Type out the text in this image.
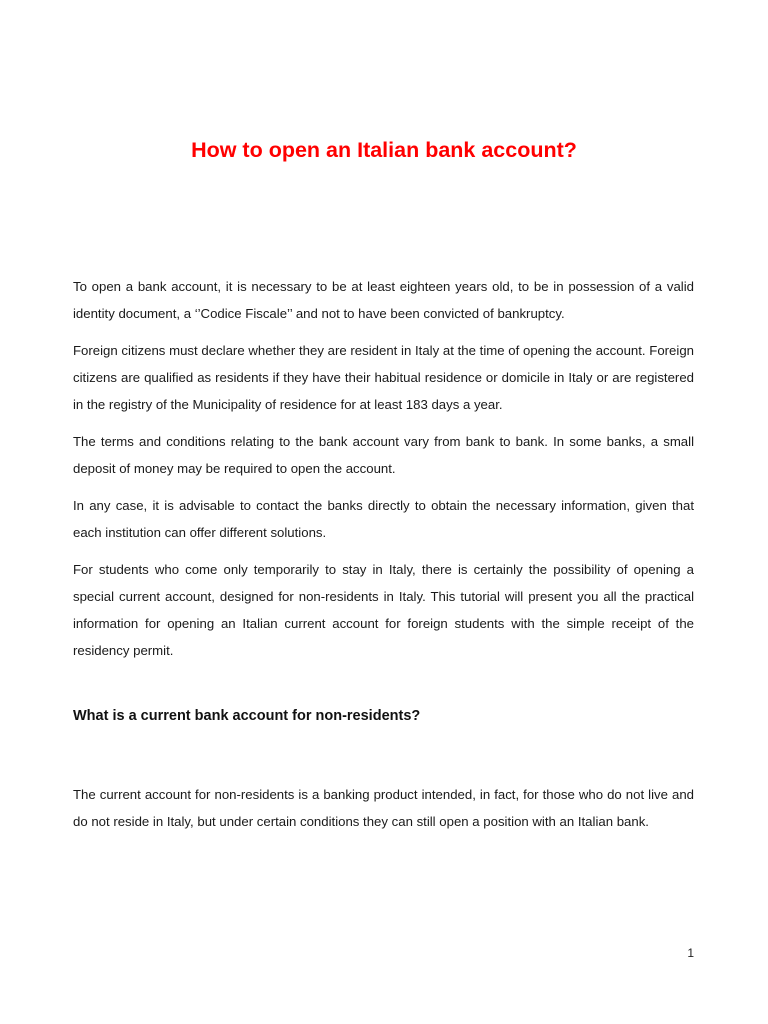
How to open an Italian bank account?

To open a bank account, it is necessary to be at least eighteen years old, to be in possession of a valid identity document, a ‘’Codice Fiscale’’ and not to have been convicted of bankruptcy.

Foreign citizens must declare whether they are resident in Italy at the time of opening the account. Foreign citizens are qualified as residents if they have their habitual residence or domicile in Italy or are registered in the registry of the Municipality of residence for at least 183 days a year.

The terms and conditions relating to the bank account vary from bank to bank. In some banks, a small deposit of money may be required to open the account.

In any case, it is advisable to contact the banks directly to obtain the necessary information, given that each institution can offer different solutions.

For students who come only temporarily to stay in Italy, there is certainly the possibility of opening a special current account, designed for non-residents in Italy. This tutorial will present you all the practical information for opening an Italian current account for foreign students with the simple receipt of the residency permit.

What is a current bank account for non-residents?

The current account for non-residents is a banking product intended, in fact, for those who do not live and do not reside in Italy, but under certain conditions they can still open a position with an Italian bank.

1
